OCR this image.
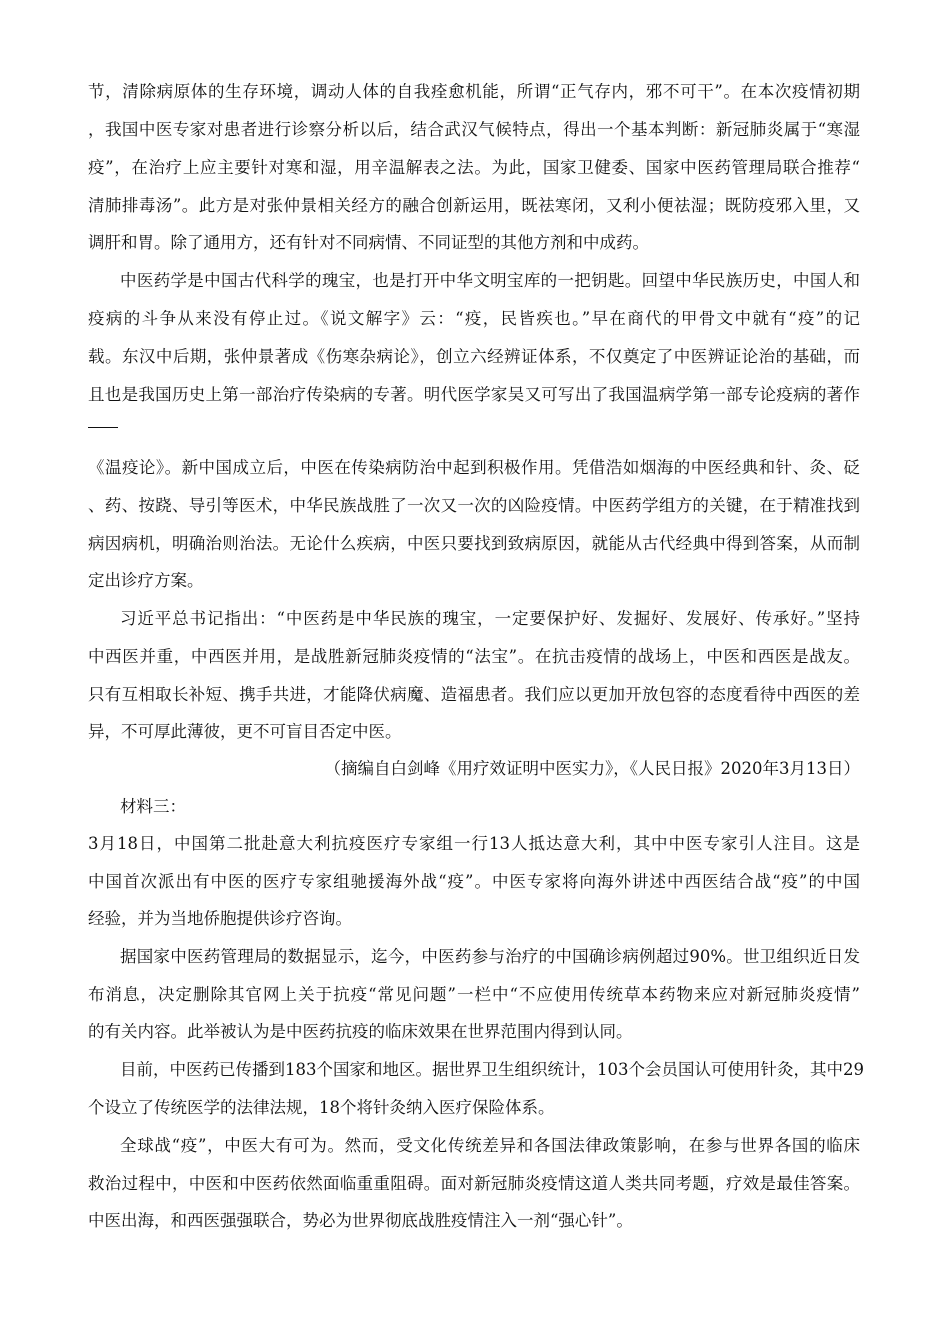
节，清除病原体的生存环境，调动人体的自我痊愈机能，所谓“正气存内，邪不可干”。在本次疫情初期
，我国中医专家对患者进行诊察分析以后，结合武汉气候特点，得出一个基本判断：新冠肺炎属于“寒湿
疫”，在治疗上应主要针对寒和湿，用辛温解表之法。为此，国家卫健委、国家中医药管理局联合推荐“
清肺排毒汤”。此方是对张仲景相关经方的融合创新运用，既祛寒闭，又利小便祛湿；既防疫邪入里，又
调肝和胃。除了通用方，还有针对不同病情、不同证型的其他方剂和中成药。
中医药学是中国古代科学的瑰宝，也是打开中华文明宝库的一把钥匙。回望中华民族历史，中国人和
疫病的斗争从来没有停止过。《说文解字》云：“疫，民皆疾也。”早在商代的甲骨文中就有“疫”的记
载。东汉中后期，张仲景著成《伤寒杂病论》，创立六经辨证体系，不仅奠定了中医辨证论治的基础，而
且也是我国历史上第一部治疗传染病的专著。明代医学家吴又可写出了我国温病学第一部专论疫病的著作
《温疫论》。新中国成立后，中医在传染病防治中起到积极作用。凭借浩如烟海的中医经典和针、灸、砭
、药、按跷、导引等医术，中华民族战胜了一次又一次的凶险疫情。中医药学组方的关键，在于精准找到
病因病机，明确治则治法。无论什么疾病，中医只要找到致病原因，就能从古代经典中得到答案，从而制
定出诊疗方案。
习近平总书记指出：“中医药是中华民族的瑰宝，一定要保护好、发掘好、发展好、传承好。”坚持
中西医并重，中西医并用，是战胜新冠肺炎疫情的“法宝”。在抗击疫情的战场上，中医和西医是战友。
只有互相取长补短、携手共进，才能降伏病魔、造福患者。我们应以更加开放包容的态度看待中西医的差
异，不可厚此薄彼，更不可盲目否定中医。
（摘编自白剑峰《用疗效证明中医实力》，《人民日报》2020年3月13日）
材料三：
3月18日，中国第二批赴意大利抗疫医疗专家组一行13人抵达意大利，其中中医专家引人注目。这是
中国首次派出有中医的医疗专家组驰援海外战“疫”。中医专家将向海外讲述中西医结合战“疫”的中国
经验，并为当地侨胞提供诊疗咨询。
据国家中医药管理局的数据显示，迄今，中医药参与治疗的中国确诊病例超过90%。世卫组织近日发
布消息，决定删除其官网上关于抗疫“常见问题”一栏中“不应使用传统草本药物来应对新冠肺炎疫情”
的有关内容。此举被认为是中医药抗疫的临床效果在世界范围内得到认同。
目前，中医药已传播到183个国家和地区。据世界卫生组织统计，103个会员国认可使用针灸，其中29
个设立了传统医学的法律法规，18个将针灸纳入医疗保险体系。
全球战“疫”，中医大有可为。然而，受文化传统差异和各国法律政策影响，在参与世界各国的临床
救治过程中，中医和中医药依然面临重重阻碍。面对新冠肺炎疫情这道人类共同考题，疗效是最佳答案。
中医出海，和西医强强联合，势必为世界彻底战胜疫情注入一剂“强心针”。
